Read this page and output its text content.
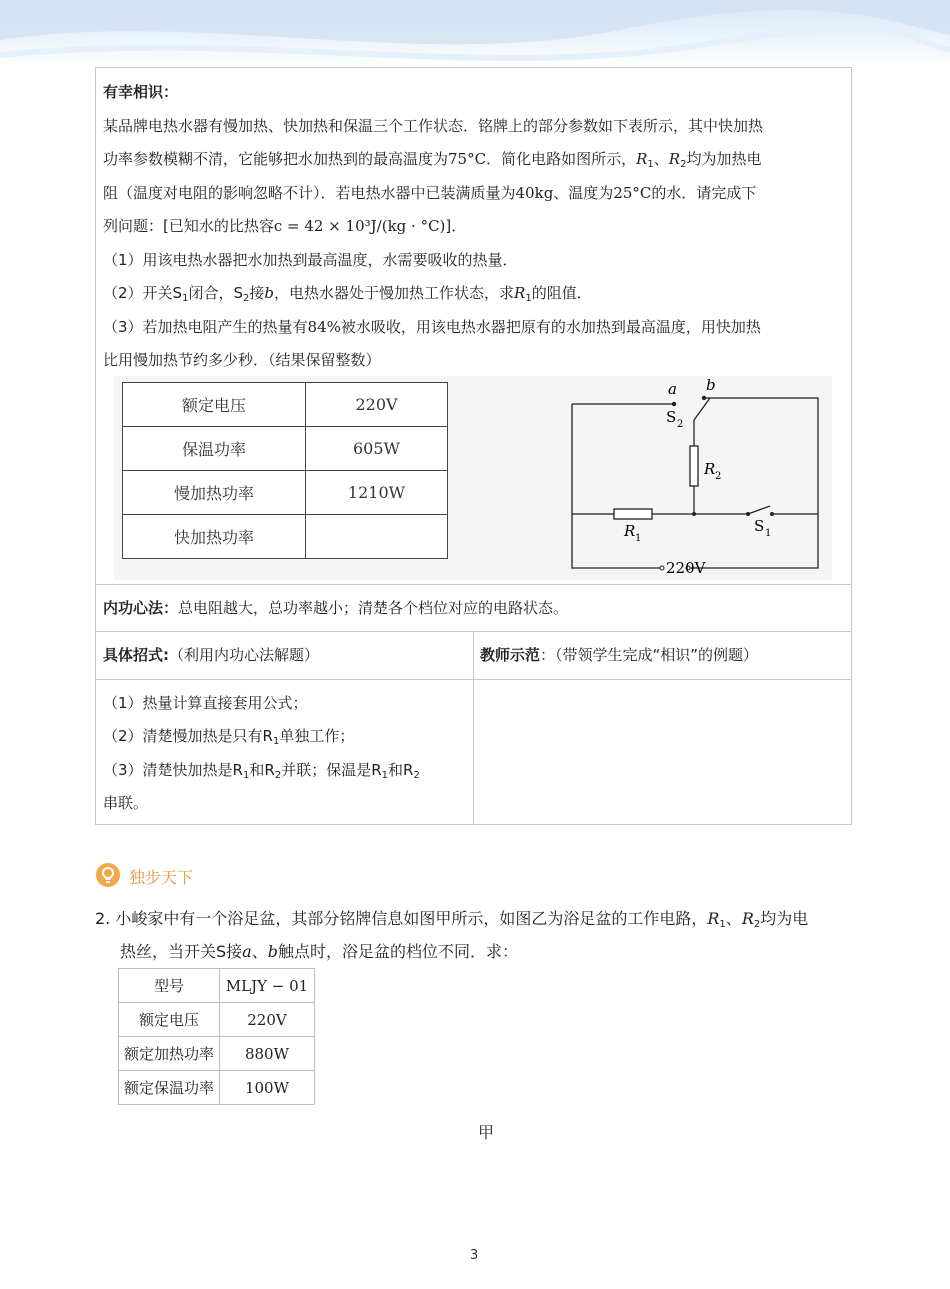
有幸相识：
某品牌电热水器有慢加热、快加热和保温三个工作状态．铭牌上的部分参数如下表所示，其中快加热
功率参数模糊不清，它能够把水加热到的最高温度为75°C．简化电路如图所示，$R_1$、$R_2$均为加热电
阻（温度对电阻的影响忽略不计）．若电热水器中已装满质量为40kg、温度为25°C的水．请完成下
列问题：[已知水的比热容c = 42 × 10³J/(kg · °C)]．
（1）用该电热水器把水加热到最高温度，水需要吸收的热量．
（2）开关$S_1$闭合，$S_2$接b，电热水器处于慢加热工作状态，求$R_1$的阻值．
（3）若加热电阻产生的热量有84%被水吸收，用该电热水器把原有的水加热到最高温度，用快加热
比用慢加热节约多少秒．（结果保留整数）
额定电压	220V
保温功率	605W
慢加热功率	1210W
快加热功率	
a b
S 2
R 2
R 1
S 1
220V
内功心法：总电阻越大，总功率越小；清楚各个档位对应的电路状态。
具体招式:（利用内功心法解题）	教师示范：（带领学生完成“相识”的例题）
（1）热量计算直接套用公式；
（2）清楚慢加热是只有$R_1$单独工作；
（3）清楚快加热是$R_1$和$R_2$并联；保温是$R_1$和$R_2$
串联。
独步天下
2. 小峻家中有一个浴足盆，其部分铭牌信息如图甲所示，如图乙为浴足盆的工作电路，$R_1$、$R_2$均为电
热丝，当开关S接a、b触点时，浴足盆的档位不同．求：
型号	MLJY − 01
额定电压	220V
额定加热功率	880W
额定保温功率	100W
甲
3
